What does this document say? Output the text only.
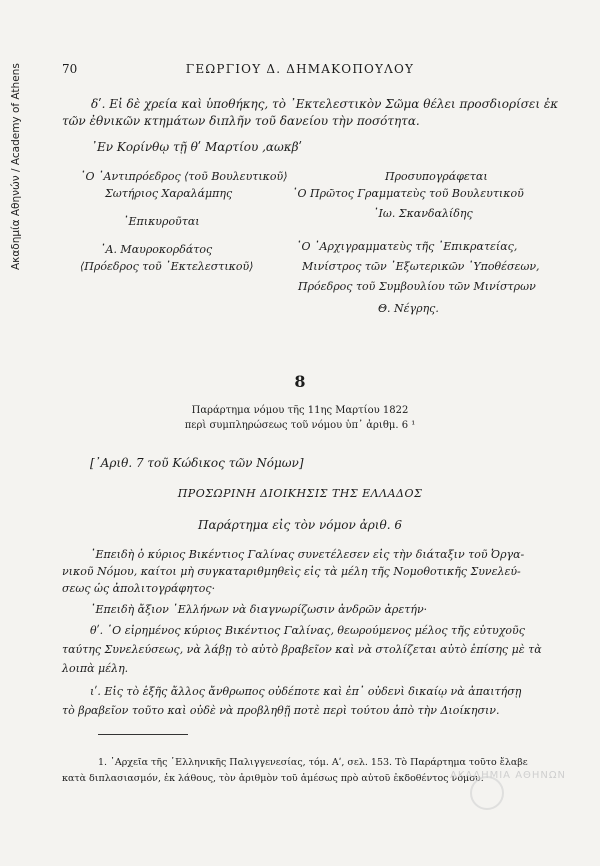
Ακαδημία Αθηνών / Academy of Athens	70	ΓΕΩΡΓΙΟΥ Δ. ΔΗΜΑΚΟΠΟΥΛΟΥ
δʹ. Εἰ δὲ χρεία καὶ ὑποθήκης, τὸ ᾿Εκτελεστικὸν Σῶμα θέλει προσδιορίσει ἐκ
τῶν ἐθνικῶν κτημάτων διπλῆν τοῦ δανείου τὴν ποσότητα.
᾿Εν Κορίνθῳ τῇ θʹ Μαρτίου ,αωκβʹ
῾Ο ᾿Αντιπρόεδρος ⟨τοῦ Βουλευτικοῦ⟩
Σωτήριος Χαραλάμπης
᾿Επικυροῦται
᾿Α. Μαυροκορδάτος
⟨Πρόεδρος τοῦ ᾿Εκτελεστικοῦ⟩
Προσυπογράφεται
῾Ο Πρῶτος Γραμματεὺς τοῦ Βουλευτικοῦ
᾿Ιω. Σκανδαλίδης
῾Ο ᾿Αρχιγραμματεὺς τῆς ᾿Επικρατείας,
Μινίστρος τῶν ᾿Εξωτερικῶν ῾Υποθέσεων,
Πρόεδρος τοῦ Συμβουλίου τῶν Μινίστρων
Θ. Νέγρης.
8
Παράρτημα νόμου τῆς 11ης Μαρτίου 1822
περὶ συμπληρώσεως τοῦ νόμου ὑπ᾿ ἀριθμ. 6 ¹
[᾿Αριθ. 7 τοῦ Κώδικος τῶν Νόμων]
ΠΡΟΣΩΡΙΝΗ ΔΙΟΙΚΗΣΙΣ ΤΗΣ ΕΛΛΑΔΟΣ
Παράρτημα εἰς τὸν νόμον ἀριθ. 6
᾿Επειδὴ ὁ κύριος Βικέντιος Γαλίνας συνετέλεσεν εἰς τὴν διάταξιν τοῦ Ὀργα-
νικοῦ Νόμου, καίτοι μὴ συγκαταριθμηθεὶς εἰς τὰ μέλη τῆς Νομοθοτικῆς Συνελεύ-
σεως ὡς ἀπολιτογράφητος·
᾿Επειδὴ ἄξιον ῾Ελλήνων νὰ διαγνωρίζωσιν ἀνδρῶν ἀρετήν·
θʹ. ῾Ο εἰρημένος κύριος Βικέντιος Γαλίνας, θεωρούμενος μέλος τῆς εὐτυχοῦς
ταύτης Συνελεύσεως, νὰ λάβῃ τὸ αὐτὸ βραβεῖον καὶ νὰ στολίζεται αὐτὸ ἐπίσης μὲ τὰ
λοιπὰ μέλη.
ιʹ. Εἰς τὸ ἑξῆς ἄλλος ἄνθρωπος οὐδέποτε καὶ ἐπ᾿ οὐδενὶ δικαίῳ νὰ ἀπαιτήσῃ
τὸ βραβεῖον τοῦτο καὶ οὐδὲ νὰ προβληθῇ ποτὲ περὶ τούτου ἀπὸ τὴν Διοίκησιν.
1. ᾿Αρχεῖα τῆς ῾Ελληνικῆς Παλιγγενεσίας, τόμ. Αʹ, σελ. 153. Τὸ Παράρτημα τοῦτο ἔλαβε
κατὰ διπλασιασμόν, ἐκ λάθους, τὸν ἀριθμὸν τοῦ ἀμέσως πρὸ αὐτοῦ ἐκδοθέντος νόμου.
ΑΚΑΔΗΜΙΑ ΑΘΗΝΩΝ
